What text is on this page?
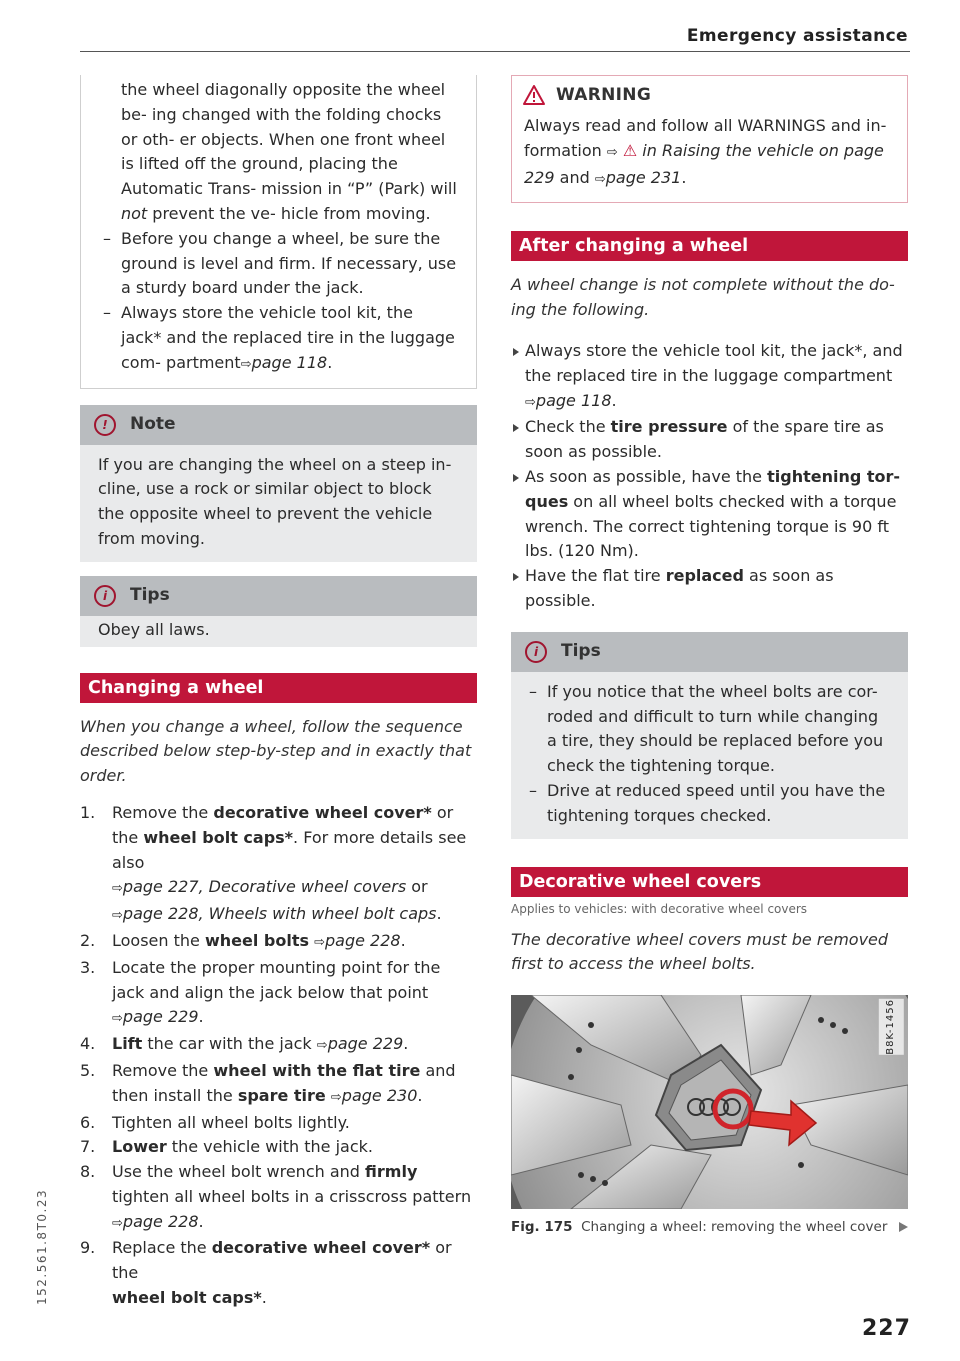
Emergency assistance

the wheel diagonally opposite the wheel be- ing changed with the folding chocks or oth- er objects. When one front wheel is lifted off the ground, placing the Automatic Trans- mission in “P” (Park) will not prevent the ve- hicle from moving.

– Before you change a wheel, be sure the ground is level and firm. If necessary, use a sturdy board under the jack.

– Always store the vehicle tool kit, the jack* and the replaced tire in the luggage com- partment⇨page 118.

!	Note

If you are changing the wheel on a steep in- cline, use a rock or similar object to block the opposite wheel to prevent the vehicle from moving.

i	Tips

Obey all laws.

Changing a wheel

When you change a wheel, follow the sequence described below step-by-step and in exactly that order.

1. Remove the decorative wheel cover* or the wheel bolt caps*. For more details see also
⇨page 227, Decorative wheel covers or
⇨page 228, Wheels with wheel bolt caps.

2. Loosen the wheel bolts ⇨page 228.

3. Locate the proper mounting point for the jack and align the jack below that point
⇨page 229.

4. Lift the car with the jack ⇨page 229.

5. Remove the wheel with the flat tire and then install the spare tire ⇨page 230.

6. Tighten all wheel bolts lightly.

7. Lower the vehicle with the jack.

8. Use the wheel bolt wrench and firmly tighten all wheel bolts in a crisscross pattern
⇨page 228.

9. Replace the decorative wheel cover* or the
wheel bolt caps*.

WARNING

Always read and follow all WARNINGS and in- formation ⇨ ⚠ in Raising the vehicle on page 229 and ⇨page 231.

After changing a wheel

A wheel change is not complete without the do- ing the following.

Always store the vehicle tool kit, the jack*, and the replaced tire in the luggage compartment
⇨page 118.

Check the tire pressure of the spare tire as soon as possible.

As soon as possible, have the tightening tor- ques on all wheel bolts checked with a torque wrench. The correct tightening torque is 90 ft lbs. (120 Nm).

Have the flat tire replaced as soon as possible.

i	Tips

– If you notice that the wheel bolts are cor- roded and difficult to turn while changing a tire, they should be replaced before you check the tightening torque.

– Drive at reduced speed until you have the tightening torques checked.

Decorative wheel covers

Applies to vehicles: with decorative wheel covers

The decorative wheel covers must be removed first to access the wheel bolts.

B8K-1456
Fig. 175 Changing a wheel: removing the wheel cover
227
152.561.8T0.23
